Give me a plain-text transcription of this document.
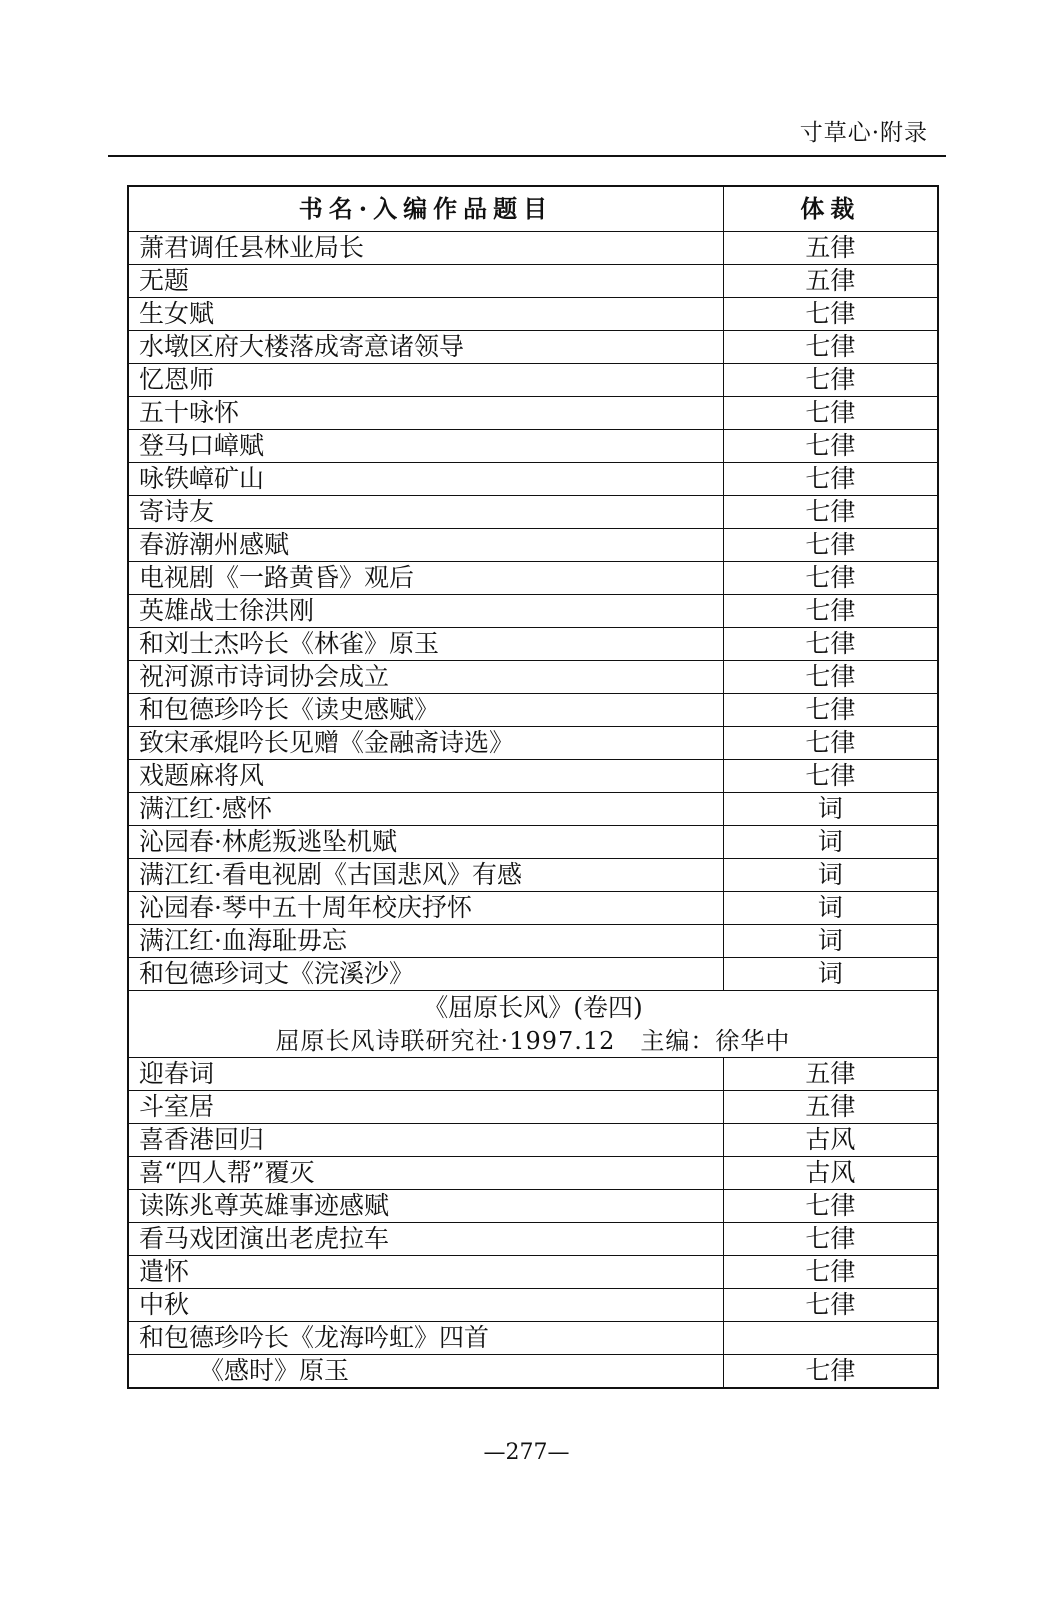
寸草心·附录
书名·入编作品题目	体裁
萧君调任县林业局长	五律
无题	五律
生女赋	七律
水墩区府大楼落成寄意诸领导	七律
忆恩师	七律
五十咏怀	七律
登马口嶂赋	七律
咏铁嶂矿山	七律
寄诗友	七律
春游潮州感赋	七律
电视剧《一路黄昏》观后	七律
英雄战士徐洪刚	七律
和刘士杰吟长《林雀》原玉	七律
祝河源市诗词协会成立	七律
和包德珍吟长《读史感赋》	七律
致宋承焜吟长见赠《金融斋诗选》	七律
戏题麻将风	七律
满江红·感怀	词
沁园春·林彪叛逃坠机赋	词
满江红·看电视剧《古国悲风》有感	词
沁园春·琴中五十周年校庆抒怀	词
满江红·血海耻毋忘	词
和包德珍词丈《浣溪沙》	词
《屈原长风》(卷四)	
屈原长风诗联研究社·1997.12　主编：徐华中	
迎春词	五律
斗室居	五律
喜香港回归	古风
喜“四人帮”覆灭	古风
读陈兆尊英雄事迹感赋	七律
看马戏团演出老虎拉车	七律
遣怀	七律
中秋	七律
和包德珍吟长《龙海吟虹》四首	
《感时》原玉	七律
—277—
